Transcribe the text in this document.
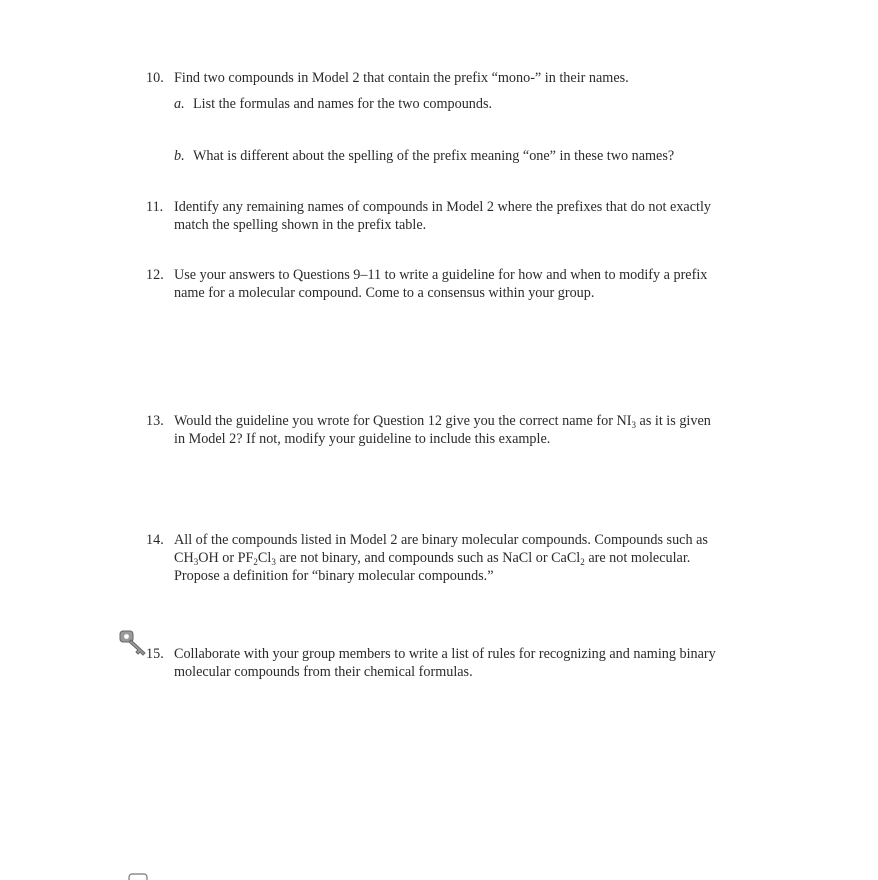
10. Find two compounds in Model 2 that contain the prefix “mono-” in their names.
a. List the formulas and names for the two compounds.
b. What is different about the spelling of the prefix meaning “one” in these two names?
11. Identify any remaining names of compounds in Model 2 where the prefixes that do not exactly
match the spelling shown in the prefix table.
12. Use your answers to Questions 9–11 to write a guideline for how and when to modify a prefix
name for a molecular compound. Come to a consensus within your group.
13. Would the guideline you wrote for Question 12 give you the correct name for $NI_3$ as it is given
in Model 2? If not, modify your guideline to include this example.
14. All of the compounds listed in Model 2 are binary molecular compounds. Compounds such as
$CH_3OH$ or $PF_2Cl_3$ are not binary, and compounds such as NaCl or CaCl$_2$ are not molecular.
Propose a definition for “binary molecular compounds.”
15. Collaborate with your group members to write a list of rules for recognizing and naming binary
molecular compounds from their chemical formulas.
